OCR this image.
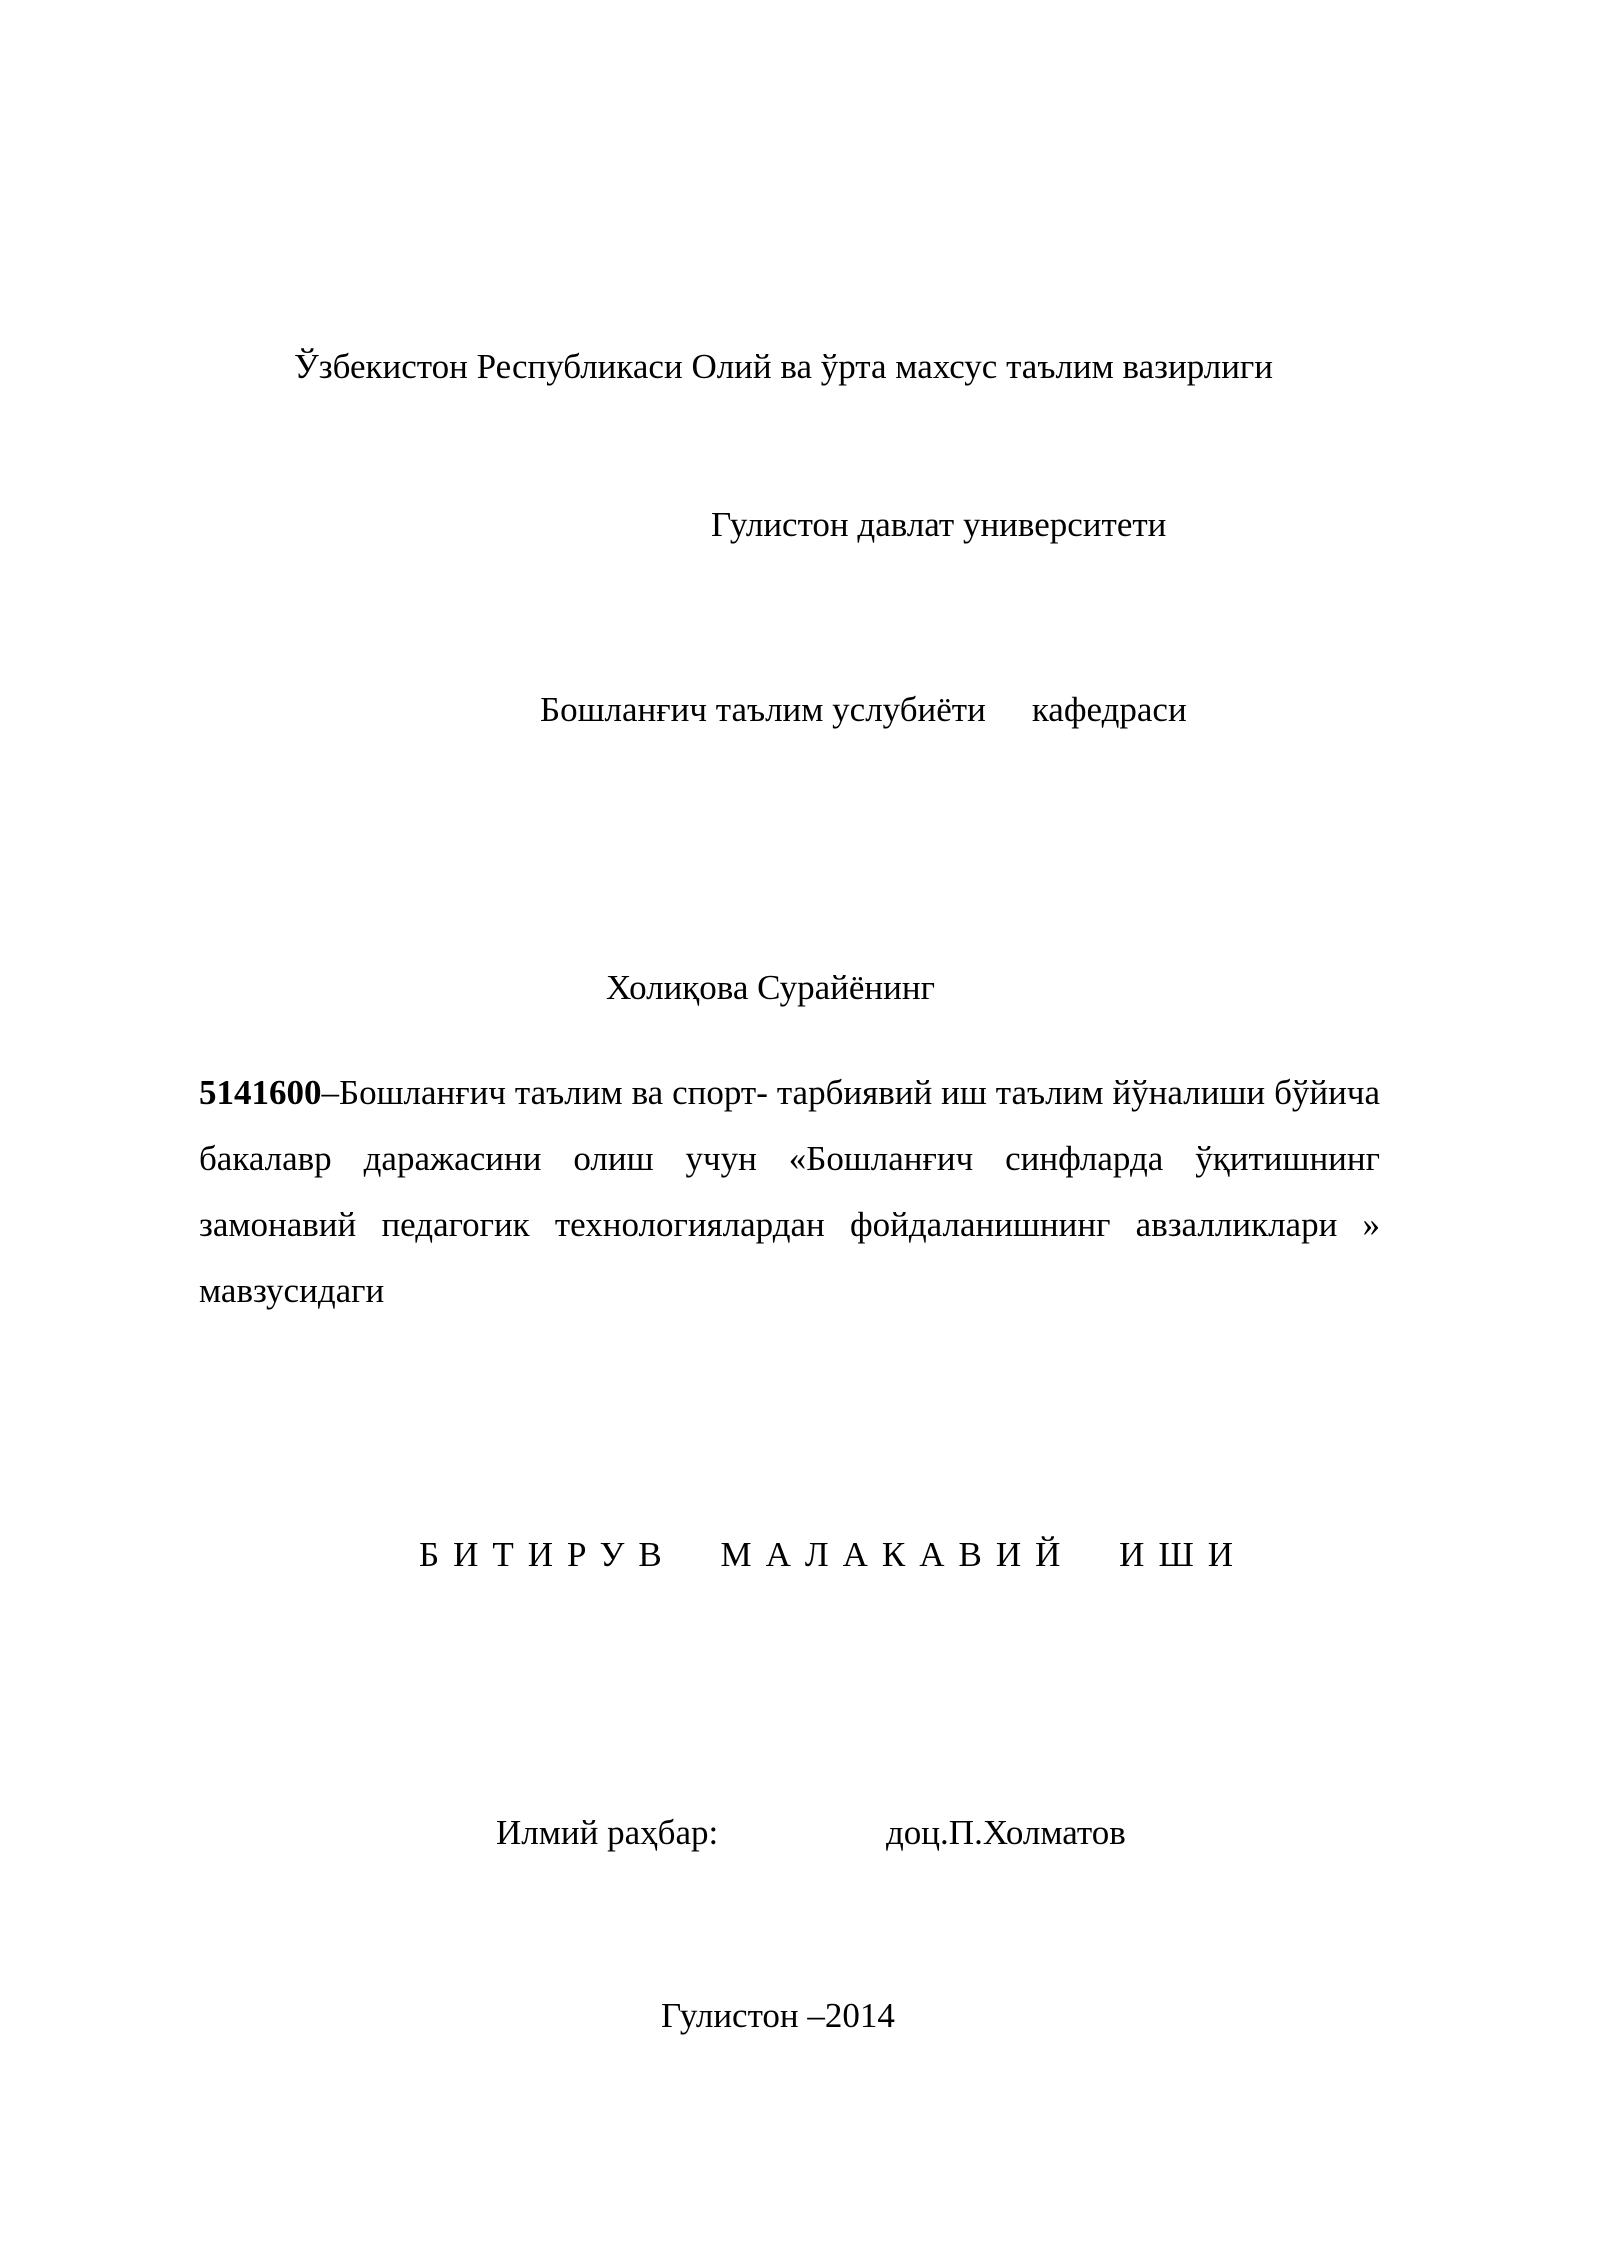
Ўзбекистон Республикаси Олий ва ўрта махсус таълим вазирлиги
Гулистон давлат университети
Бошланғич таълим услубиёти кафедраси
Холиқова Сурайёнинг
5141600–Бошланғич таълим ва спорт- тарбиявий иш таълим йўналиши бўйича бакалавр даражасини олиш учун «Бошланғич синфларда ўқитишнинг замонавий педагогик технологиялардан фойдаланишнинг авзалликлари » мавзусидаги
БИТИРУВ МАЛАКАВИЙ ИШИ
Илмий раҳбар:	доц.П.Холматов
Гулистон –2014
